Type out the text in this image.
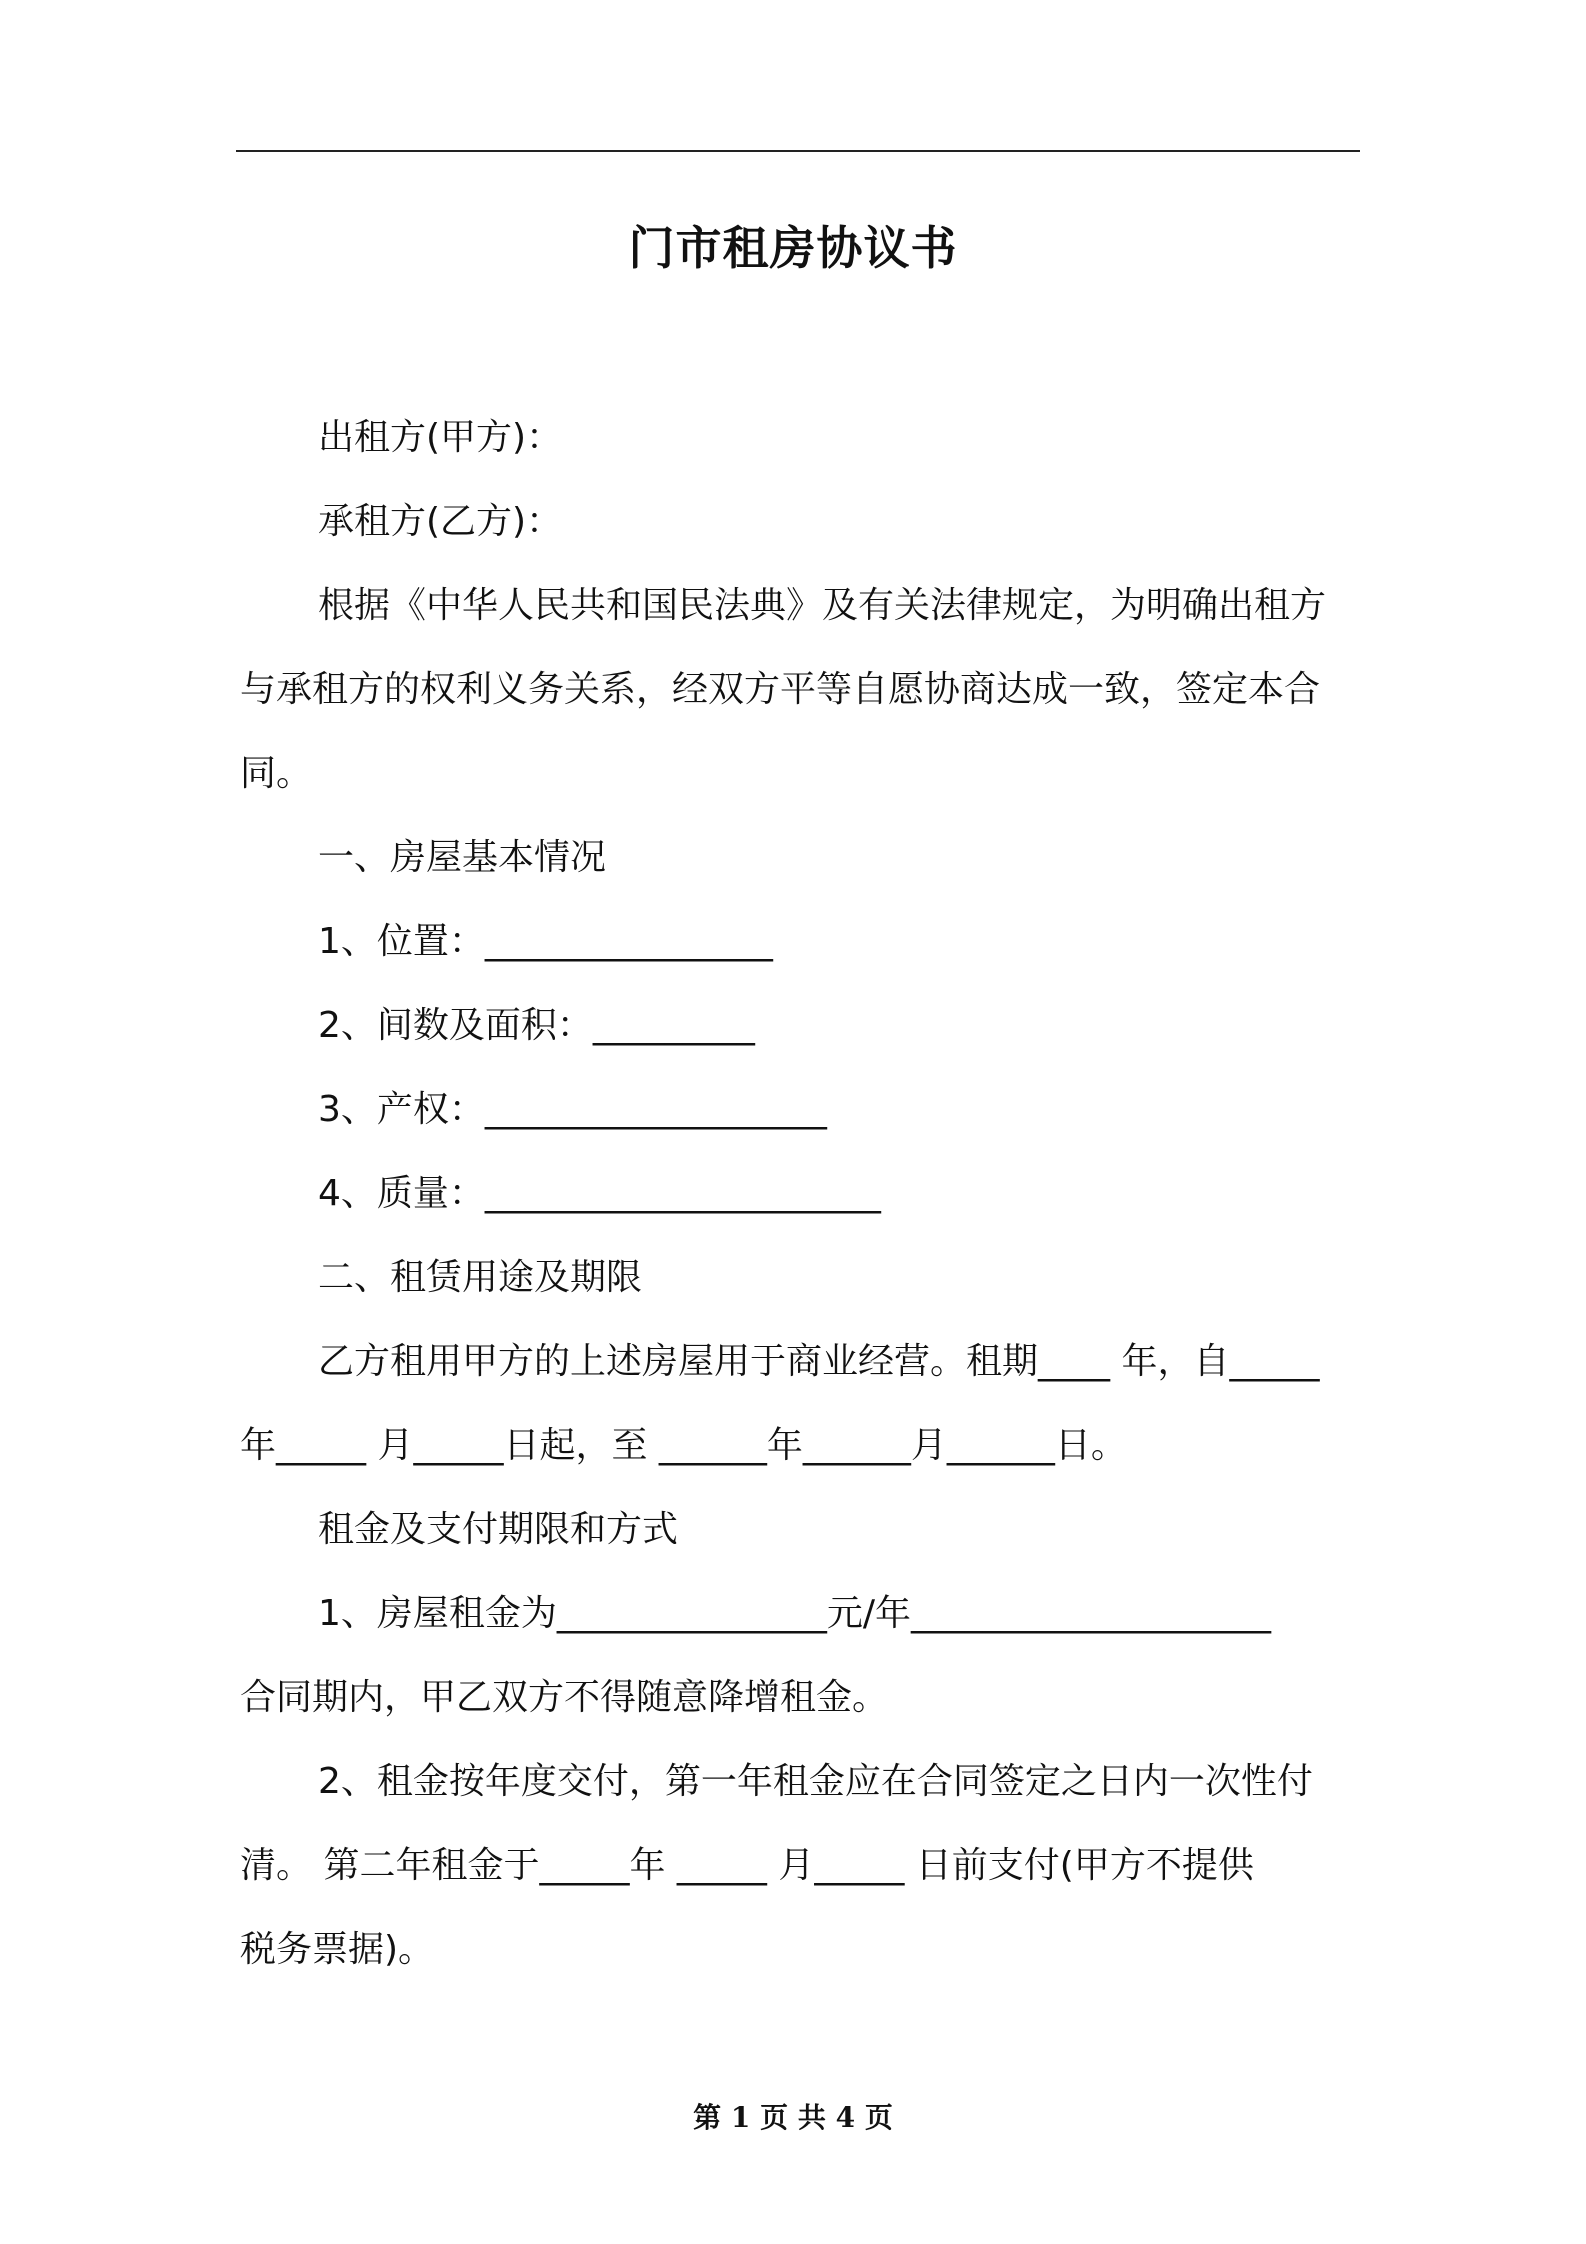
门市租房协议书
出租方(甲方)：
承租方(乙方)：
根据《中华人民共和国民法典》及有关法律规定，为明确出租方
与承租方的权利义务关系，经双方平等自愿协商达成一致，签定本合
同。
一、房屋基本情况
1、位置：________________
2、间数及面积：_________
3、产权：___________________
4、质量：______________________
二、租赁用途及期限
乙方租用甲方的上述房屋用于商业经营。租期____ 年，自_____
年_____ 月_____日起，至 ______年______月______日。
租金及支付期限和方式
1、房屋租金为_______________元/年____________________
合同期内，甲乙双方不得随意降增租金。
2、租金按年度交付，第一年租金应在合同签定之日内一次性付
清。 第二年租金于_____年 _____ 月_____ 日前支付(甲方不提供
税务票据)。
第 1 页 共 4 页
